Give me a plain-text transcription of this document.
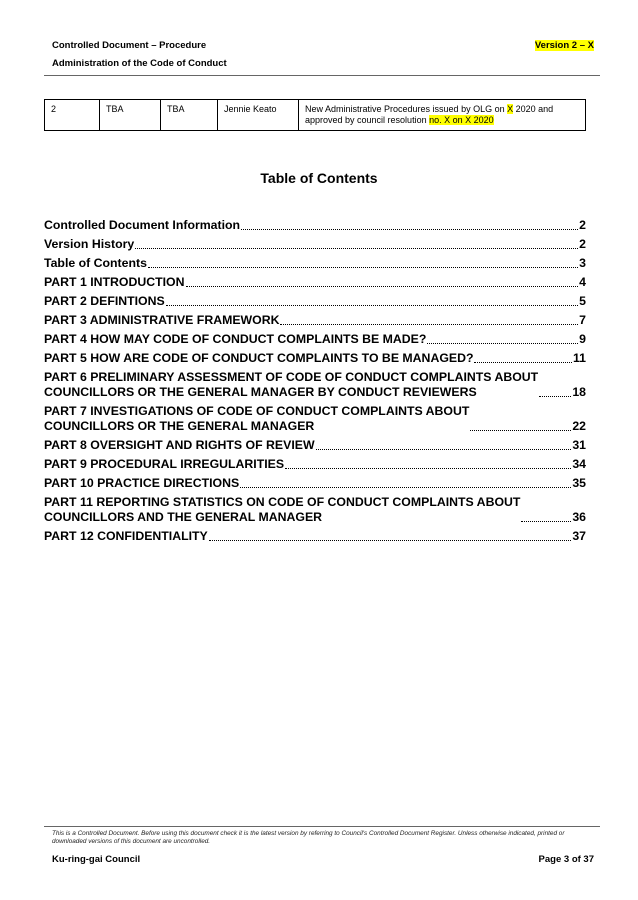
Controlled Document – Procedure
Administration of the Code of Conduct
Version 2 – X
2	TBA	TBA	Jennie Keato	New Administrative Procedures issued by OLG on X 2020 and approved by council resolution no. X on X 2020
Table of Contents
Controlled Document Information	2
Version History	2
Table of Contents	3
PART 1 INTRODUCTION	4
PART 2 DEFINTIONS	5
PART 3 ADMINISTRATIVE FRAMEWORK	7
PART 4 HOW MAY CODE OF CONDUCT COMPLAINTS BE MADE?	9
PART 5 HOW ARE CODE OF CONDUCT COMPLAINTS TO BE MANAGED?	11
PART 6 PRELIMINARY ASSESSMENT OF CODE OF CONDUCT COMPLAINTS ABOUT
COUNCILLORS OR THE GENERAL MANAGER BY CONDUCT REVIEWERS	18
PART 7 INVESTIGATIONS OF CODE OF CONDUCT COMPLAINTS ABOUT
COUNCILLORS OR THE GENERAL MANAGER	22
PART 8 OVERSIGHT AND RIGHTS OF REVIEW	31
PART 9 PROCEDURAL IRREGULARITIES	34
PART 10 PRACTICE DIRECTIONS	35
PART 11 REPORTING STATISTICS ON CODE OF CONDUCT COMPLAINTS ABOUT
COUNCILLORS AND THE GENERAL MANAGER	36
PART 12 CONFIDENTIALITY	37
This is a Controlled Document. Before using this document check it is the latest version by referring to Council's Controlled Document Register. Unless otherwise indicated, printed or downloaded versions of this document are uncontrolled.
Ku-ring-gai Council	Page 3 of 37
